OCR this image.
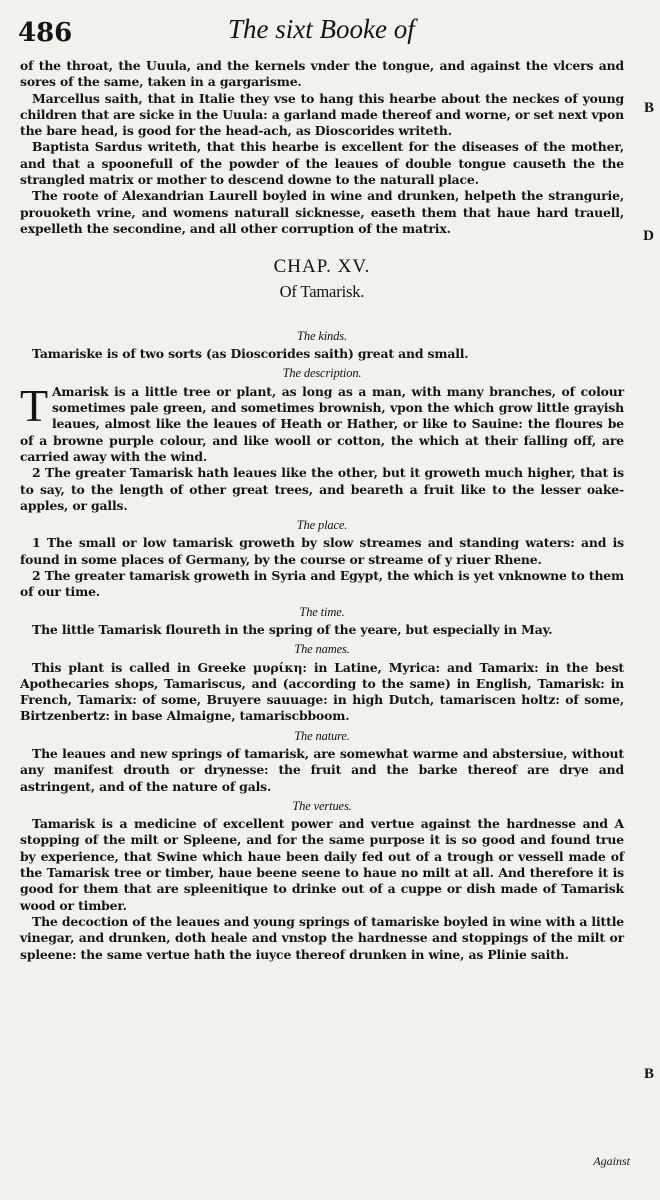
486	The sixt Booke of
B
D
B

of the throat, the Uuula, and the kernels vnder the tongue, and against the vlcers and sores of the same, taken in a gargarisme.

Marcellus saith, that in Italie they vse to hang this hearbe about the neckes of young children that are sicke in the Uuula: a garland made thereof and worne, or set next vpon the bare head, is good for the head-ach, as Dioscorides writeth.

Baptista Sardus writeth, that this hearbe is excellent for the diseases of the mother, and that a spoonefull of the powder of the leaues of double tongue causeth the the strangled matrix or mother to descend downe to the naturall place.

The roote of Alexandrian Laurell boyled in wine and drunken, helpeth the strangurie, prouoketh vrine, and womens naturall sicknesse, easeth them that haue hard trauell, expelleth the secondine, and all other corruption of the matrix.

CHAP. XV.
Of Tamarisk.
The kinds.

Tamariske is of two sorts (as Dioscorides saith) great and small.

The description.

T Amarisk is a little tree or plant, as long as a man, with many branches, of colour sometimes pale green, and sometimes brownish, vpon the which grow little grayish leaues, almost like the leaues of Heath or Hather, or like to Sauine: the floures be of a browne purple colour, and like wooll or cotton, the which at their falling off, are carried away with the wind.

2 The greater Tamarisk hath leaues like the other, but it groweth much higher, that is to say, to the length of other great trees, and beareth a fruit like to the lesser oake-apples, or galls.

The place.

1 The small or low tamarisk groweth by slow streames and standing waters: and is found in some places of Germany, by the course or streame of y riuer Rhene.

2 The greater tamarisk groweth in Syria and Egypt, the which is yet vnknowne to them of our time.

The time.

The little Tamarisk floureth in the spring of the yeare, but especially in May.

The names.

This plant is called in Greeke μυρίκη: in Latine, Myrica: and Tamarix: in the best Apothecaries shops, Tamariscus, and (according to the same) in English, Tamarisk: in French, Tamarix: of some, Bruyere sauuage: in high Dutch, tamariscen holtz: of some, Birtzenbertz: in base Almaigne, tamariscbboom.

The nature.

The leaues and new springs of tamarisk, are somewhat warme and abstersiue, without any manifest drouth or drynesse: the fruit and the barke thereof are drye and astringent, and of the nature of gals.

The vertues.

Tamarisk is a medicine of excellent power and vertue against the hardnesse and A stopping of the milt or Spleene, and for the same purpose it is so good and found true by experience, that Swine which haue been daily fed out of a trough or vessell made of the Tamarisk tree or timber, haue beene seene to haue no milt at all. And therefore it is good for them that are spleenitique to drinke out of a cuppe or dish made of Tamarisk wood or timber.

The decoction of the leaues and young springs of tamariske boyled in wine with a little vinegar, and drunken, doth heale and vnstop the hardnesse and stoppings of the milt or spleene: the same vertue hath the iuyce thereof drunken in wine, as Plinie saith.

Against
